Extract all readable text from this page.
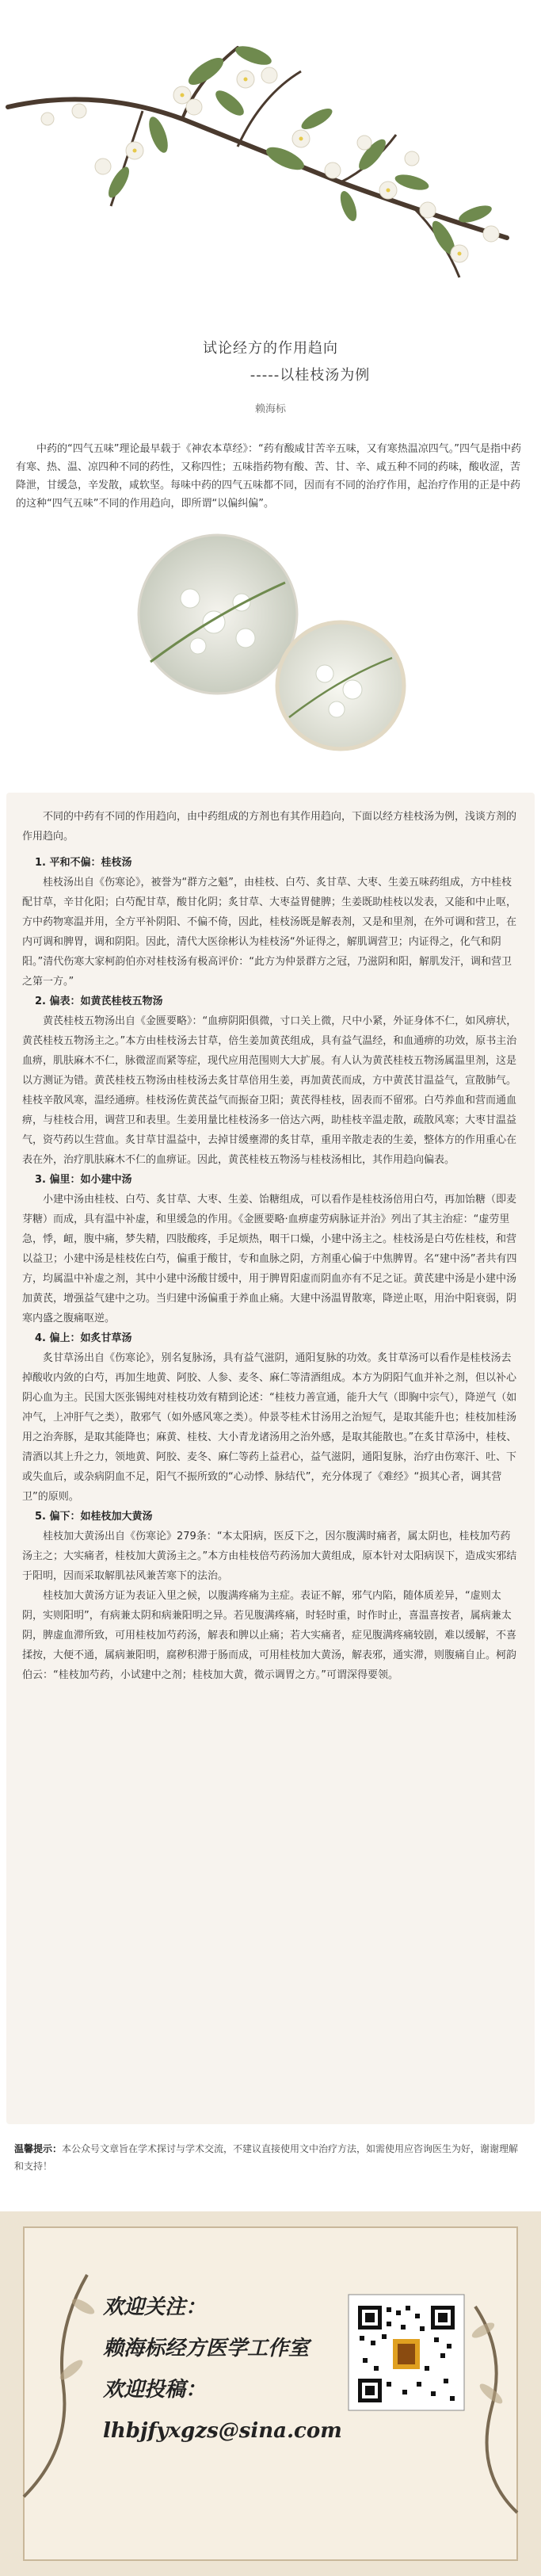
试论经方的作用趋向

-----以桂枝汤为例

赖海标

中药的“四气五味”理论最早载于《神农本草经》：“药有酸咸甘苦辛五味，又有寒热温凉四气。”四气是指中药有寒、热、温、凉四种不同的药性，又称四性；五味指药物有酸、苦、甘、辛、咸五种不同的药味，酸收涩，苦降泄，甘缓急，辛发散，咸软坚。每味中药的四气五味都不同，因而有不同的治疗作用，起治疗作用的正是中药的这种“四气五味”不同的作用趋向，即所谓“以偏纠偏”。

不同的中药有不同的作用趋向，由中药组成的方剂也有其作用趋向，下面以经方桂枝汤为例，浅谈方剂的作用趋向。

1. 平和不偏：桂枝汤

桂枝汤出自《伤寒论》，被誉为“群方之魁”，由桂枝、白芍、炙甘草、大枣、生姜五味药组成，方中桂枝配甘草，辛甘化阳；白芍配甘草，酸甘化阴；炙甘草、大枣益胃健脾；生姜既助桂枝以发表，又能和中止呕，方中药物寒温并用，全方平补阴阳、不偏不倚，因此，桂枝汤既是解表剂，又是和里剂，在外可调和营卫，在内可调和脾胃，调和阴阳。因此，清代大医徐彬认为桂枝汤“外证得之，解肌调营卫；内证得之，化气和阴阳。”清代伤寒大家柯韵伯亦对桂枝汤有极高评价：“此方为仲景群方之冠，乃滋阴和阳，解肌发汗，调和营卫之第一方。”

2. 偏表：如黄芪桂枝五物汤

黄芪桂枝五物汤出自《金匮要略》：“血痹阴阳俱微，寸口关上微，尺中小紧，外证身体不仁，如风痹状，黄芪桂枝五物汤主之。”本方由桂枝汤去甘草，倍生姜加黄芪组成，具有益气温经，和血通痹的功效，原书主治血痹，肌肤麻木不仁，脉微涩而紧等症，现代应用范围则大大扩展。有人认为黄芪桂枝五物汤属温里剂，这是以方测证为错。黄芪桂枝五物汤由桂枝汤去炙甘草倍用生姜，再加黄芪而成，方中黄芪甘温益气，宣散肺气。桂枝辛散风寒，温经通痹。桂枝汤佐黄芪益气而振奋卫阳；黄芪得桂枝，固表而不留邪。白芍养血和营而通血痹，与桂枝合用，调营卫和表里。生姜用量比桂枝汤多一倍达六两，助桂枝辛温走散，疏散风寒；大枣甘温益气，资芍药以生营血。炙甘草甘温益中，去掉甘缓壅滞的炙甘草，重用辛散走表的生姜，整体方的作用重心在表在外，治疗肌肤麻木不仁的血痹证。因此，黄芪桂枝五物汤与桂枝汤相比，其作用趋向偏表。

3. 偏里：如小建中汤

小建中汤由桂枝、白芍、炙甘草、大枣、生姜、饴糖组成，可以看作是桂枝汤倍用白芍，再加饴糖（即麦芽糖）而成，具有温中补虚，和里缓急的作用。《金匮要略·血痹虚劳病脉证并治》列出了其主治症：“虚劳里急，悸，衄，腹中痛，梦失精，四肢酸疼，手足烦热，咽干口燥，小建中汤主之。桂枝汤是白芍佐桂枝，和营以益卫；小建中汤是桂枝佐白芍，偏重于酸甘，专和血脉之阴，方剂重心偏于中焦脾胃。名“建中汤”者共有四方，均属温中补虚之剂，其中小建中汤酸甘缓中，用于脾胃阳虚而阴血亦有不足之证。黄芪建中汤是小建中汤加黄芪，增强益气建中之功。当归建中汤偏重于养血止痛。大建中汤温胃散寒，降逆止呕，用治中阳衰弱，阴寒内盛之腹痛呕逆。

4. 偏上：如炙甘草汤

炙甘草汤出自《伤寒论》，别名复脉汤，具有益气滋阴，通阳复脉的功效。炙甘草汤可以看作是桂枝汤去掉酸收内敛的白芍，再加生地黄、阿胶、人参、麦冬、麻仁等清酒组成。本方为阴阳气血并补之剂，但以补心阴心血为主。民国大医张锡纯对桂枝功效有精到论述：“桂枝力善宣通，能升大气（即胸中宗气），降逆气（如冲气，上冲肝气之类），散邪气（如外感风寒之类）。仲景苓桂术甘汤用之治短气，是取其能升也；桂枝加桂汤用之治奔豚，是取其能降也；麻黄、桂枝、大小青龙诸汤用之治外感，是取其能散也。”在炙甘草汤中，桂枝、清酒以其上升之力，领地黄、阿胶、麦冬、麻仁等药上益君心，益气滋阴，通阳复脉，治疗由伤寒汗、吐、下或失血后，或杂病阴血不足，阳气不振所致的“心动悸、脉结代”，充分体现了《难经》“损其心者，调其营卫”的原则。

5. 偏下：如桂枝加大黄汤

桂枝加大黄汤出自《伤寒论》279条：“本太阳病，医反下之，因尔腹满时痛者，属太阴也，桂枝加芍药汤主之；大实痛者，桂枝加大黄汤主之。”本方由桂枝倍芍药汤加大黄组成，原本针对太阳病误下，造成实邪结于阳明，因而采取解肌祛风兼苦寒下的法治。

桂枝加大黄汤方证为表证入里之候，以腹满疼痛为主症。表证不解，邪气内陷，随体质差异，“虚则太阴，实则阳明”，有病兼太阴和病兼阳明之异。若见腹满疼痛，时轻时重，时作时止，喜温喜按者，属病兼太阴，脾虚血滞所致，可用桂枝加芍药汤，解表和脾以止痛；若大实痛者，症见腹满疼痛较剧，难以缓解，不喜揉按，大便不通，属病兼阳明，腐秽积滞于肠而成，可用桂枝加大黄汤，解表邪，通实滞，则腹痛自止。柯韵伯云：“桂枝加芍药，小试建中之剂；桂枝加大黄，微示调胃之方。”可谓深得要领。

温馨提示：本公众号文章旨在学术探讨与学术交流，不建议直接使用文中治疗方法，如需使用应咨询医生为好，谢谢理解和支持！
欢迎关注：
赖海标经方医学工作室
欢迎投稿：
lhbjfyxgzs@sina.com
